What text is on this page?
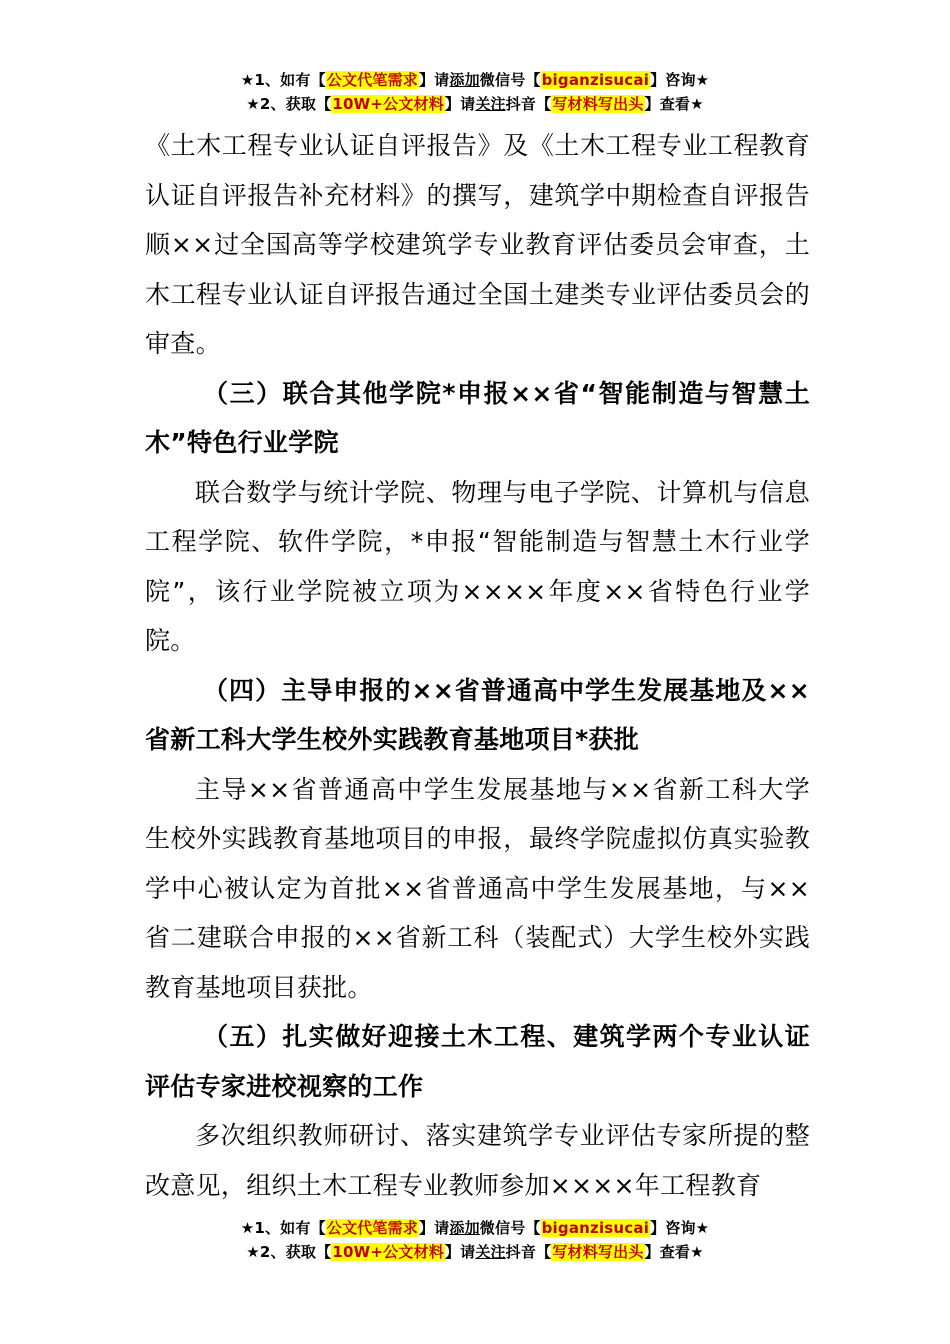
★1、如有【公文代笔需求】请添加微信号【biganzisucai】咨询★
★2、获取【10W+公文材料】请关注抖音【写材料写出头】查看★

《土木工程专业认证自评报告》及《土木工程专业工程教育认证自评报告补充材料》的撰写，建筑学中期检查自评报告顺××过全国高等学校建筑学专业教育评估委员会审查，土木工程专业认证自评报告通过全国土建类专业评估委员会的审查。

（三）联合其他学院*申报××省“智能制造与智慧土木”特色行业学院

联合数学与统计学院、物理与电子学院、计算机与信息工程学院、软件学院，*申报“智能制造与智慧土木行业学院”，该行业学院被立项为××××年度××省特色行业学院。

（四）主导申报的××省普通高中学生发展基地及××省新工科大学生校外实践教育基地项目*获批

主导××省普通高中学生发展基地与××省新工科大学生校外实践教育基地项目的申报，最终学院虚拟仿真实验教学中心被认定为首批××省普通高中学生发展基地，与××省二建联合申报的××省新工科（装配式）大学生校外实践教育基地项目获批。

（五）扎实做好迎接土木工程、建筑学两个专业认证评估专家进校视察的工作

多次组织教师研讨、落实建筑学专业评估专家所提的整改意见，组织土木工程专业教师参加××××年工程教育

★1、如有【公文代笔需求】请添加微信号【biganzisucai】咨询★
★2、获取【10W+公文材料】请关注抖音【写材料写出头】查看★
